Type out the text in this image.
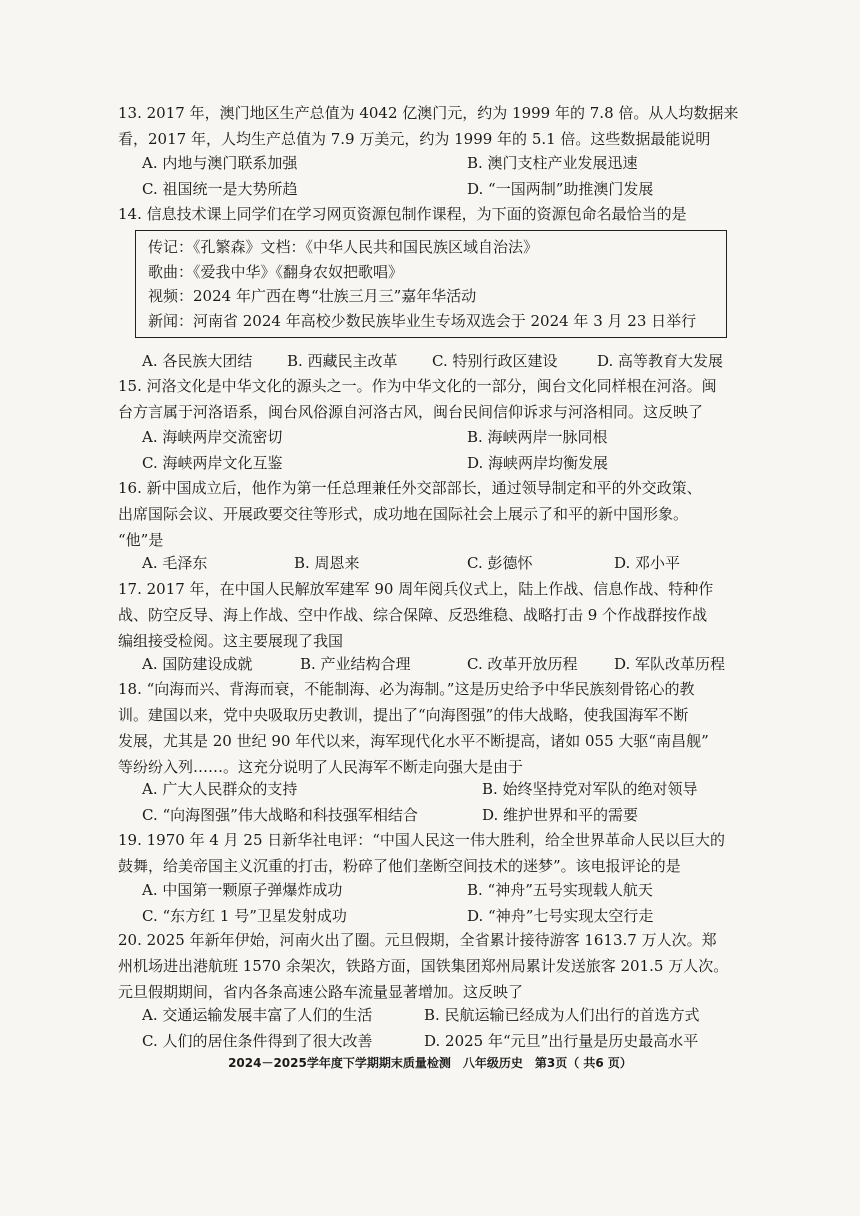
13. 2017 年，澳门地区生产总值为 4042 亿澳门元，约为 1999 年的 7.8 倍。从人均数据来
看，2017 年，人均生产总值为 7.9 万美元，约为 1999 年的 5.1 倍。这些数据最能说明
A. 内地与澳门联系加强	B. 澳门支柱产业发展迅速
C. 祖国统一是大势所趋	D. “一国两制”助推澳门发展
14. 信息技术课上同学们在学习网页资源包制作课程，为下面的资源包命名最恰当的是
传记：《孔繁森》文档：《中华人民共和国民族区域自治法》
歌曲：《爱我中华》《翻身农奴把歌唱》
视频：2024 年广西在粤“壮族三月三”嘉年华活动
新闻：河南省 2024 年高校少数民族毕业生专场双选会于 2024 年 3 月 23 日举行
A. 各民族大团结 B. 西藏民主改革 C. 特别行政区建设	D. 高等教育大发展
15. 河洛文化是中华文化的源头之一。作为中华文化的一部分，闽台文化同样根在河洛。闽
台方言属于河洛语系，闽台风俗源自河洛古风，闽台民间信仰诉求与河洛相同。这反映了
A. 海峡两岸交流密切	B. 海峡两岸一脉同根
C. 海峡两岸文化互鉴	D. 海峡两岸均衡发展
16. 新中国成立后，他作为第一任总理兼任外交部部长，通过领导制定和平的外交政策、
出席国际会议、开展政要交往等形式，成功地在国际社会上展示了和平的新中国形象。
“他”是
A. 毛泽东	B. 周恩来	C. 彭德怀	D. 邓小平
17. 2017 年，在中国人民解放军建军 90 周年阅兵仪式上，陆上作战、信息作战、特种作
战、防空反导、海上作战、空中作战、综合保障、反恐维稳、战略打击 9 个作战群按作战
编组接受检阅。这主要展现了我国
A. 国防建设成就	B. 产业结构合理	C. 改革开放历程 D. 军队改革历程
18. “向海而兴、背海而衰，不能制海、必为海制。”这是历史给予中华民族刻骨铭心的教
训。建国以来，党中央吸取历史教训，提出了“向海图强”的伟大战略，使我国海军不断
发展，尤其是 20 世纪 90 年代以来，海军现代化水平不断提高，诸如 055 大驱“南昌舰”
等纷纷入列……。这充分说明了人民海军不断走向强大是由于
A. 广大人民群众的支持	B. 始终坚持党对军队的绝对领导
C. “向海图强”伟大战略和科技强军相结合	D. 维护世界和平的需要
19. 1970 年 4 月 25 日新华社电评：“中国人民这一伟大胜利，给全世界革命人民以巨大的
鼓舞，给美帝国主义沉重的打击，粉碎了他们垄断空间技术的迷梦”。该电报评论的是
A. 中国第一颗原子弹爆炸成功	B. “神舟”五号实现载人航天
C. “东方红 1 号”卫星发射成功	D. “神舟”七号实现太空行走
20. 2025 年新年伊始，河南火出了圈。元旦假期，全省累计接待游客 1613.7 万人次。郑
州机场进出港航班 1570 余架次，铁路方面，国铁集团郑州局累计发送旅客 201.5 万人次。
元旦假期期间，省内各条高速公路车流量显著增加。这反映了
A. 交通运输发展丰富了人们的生活	B. 民航运输已经成为人们出行的首选方式
C. 人们的居住条件得到了很大改善	D. 2025 年“元旦”出行量是历史最高水平
2024－2025学年度下学期期末质量检测　八年级历史　第3页（ 共6 页）
